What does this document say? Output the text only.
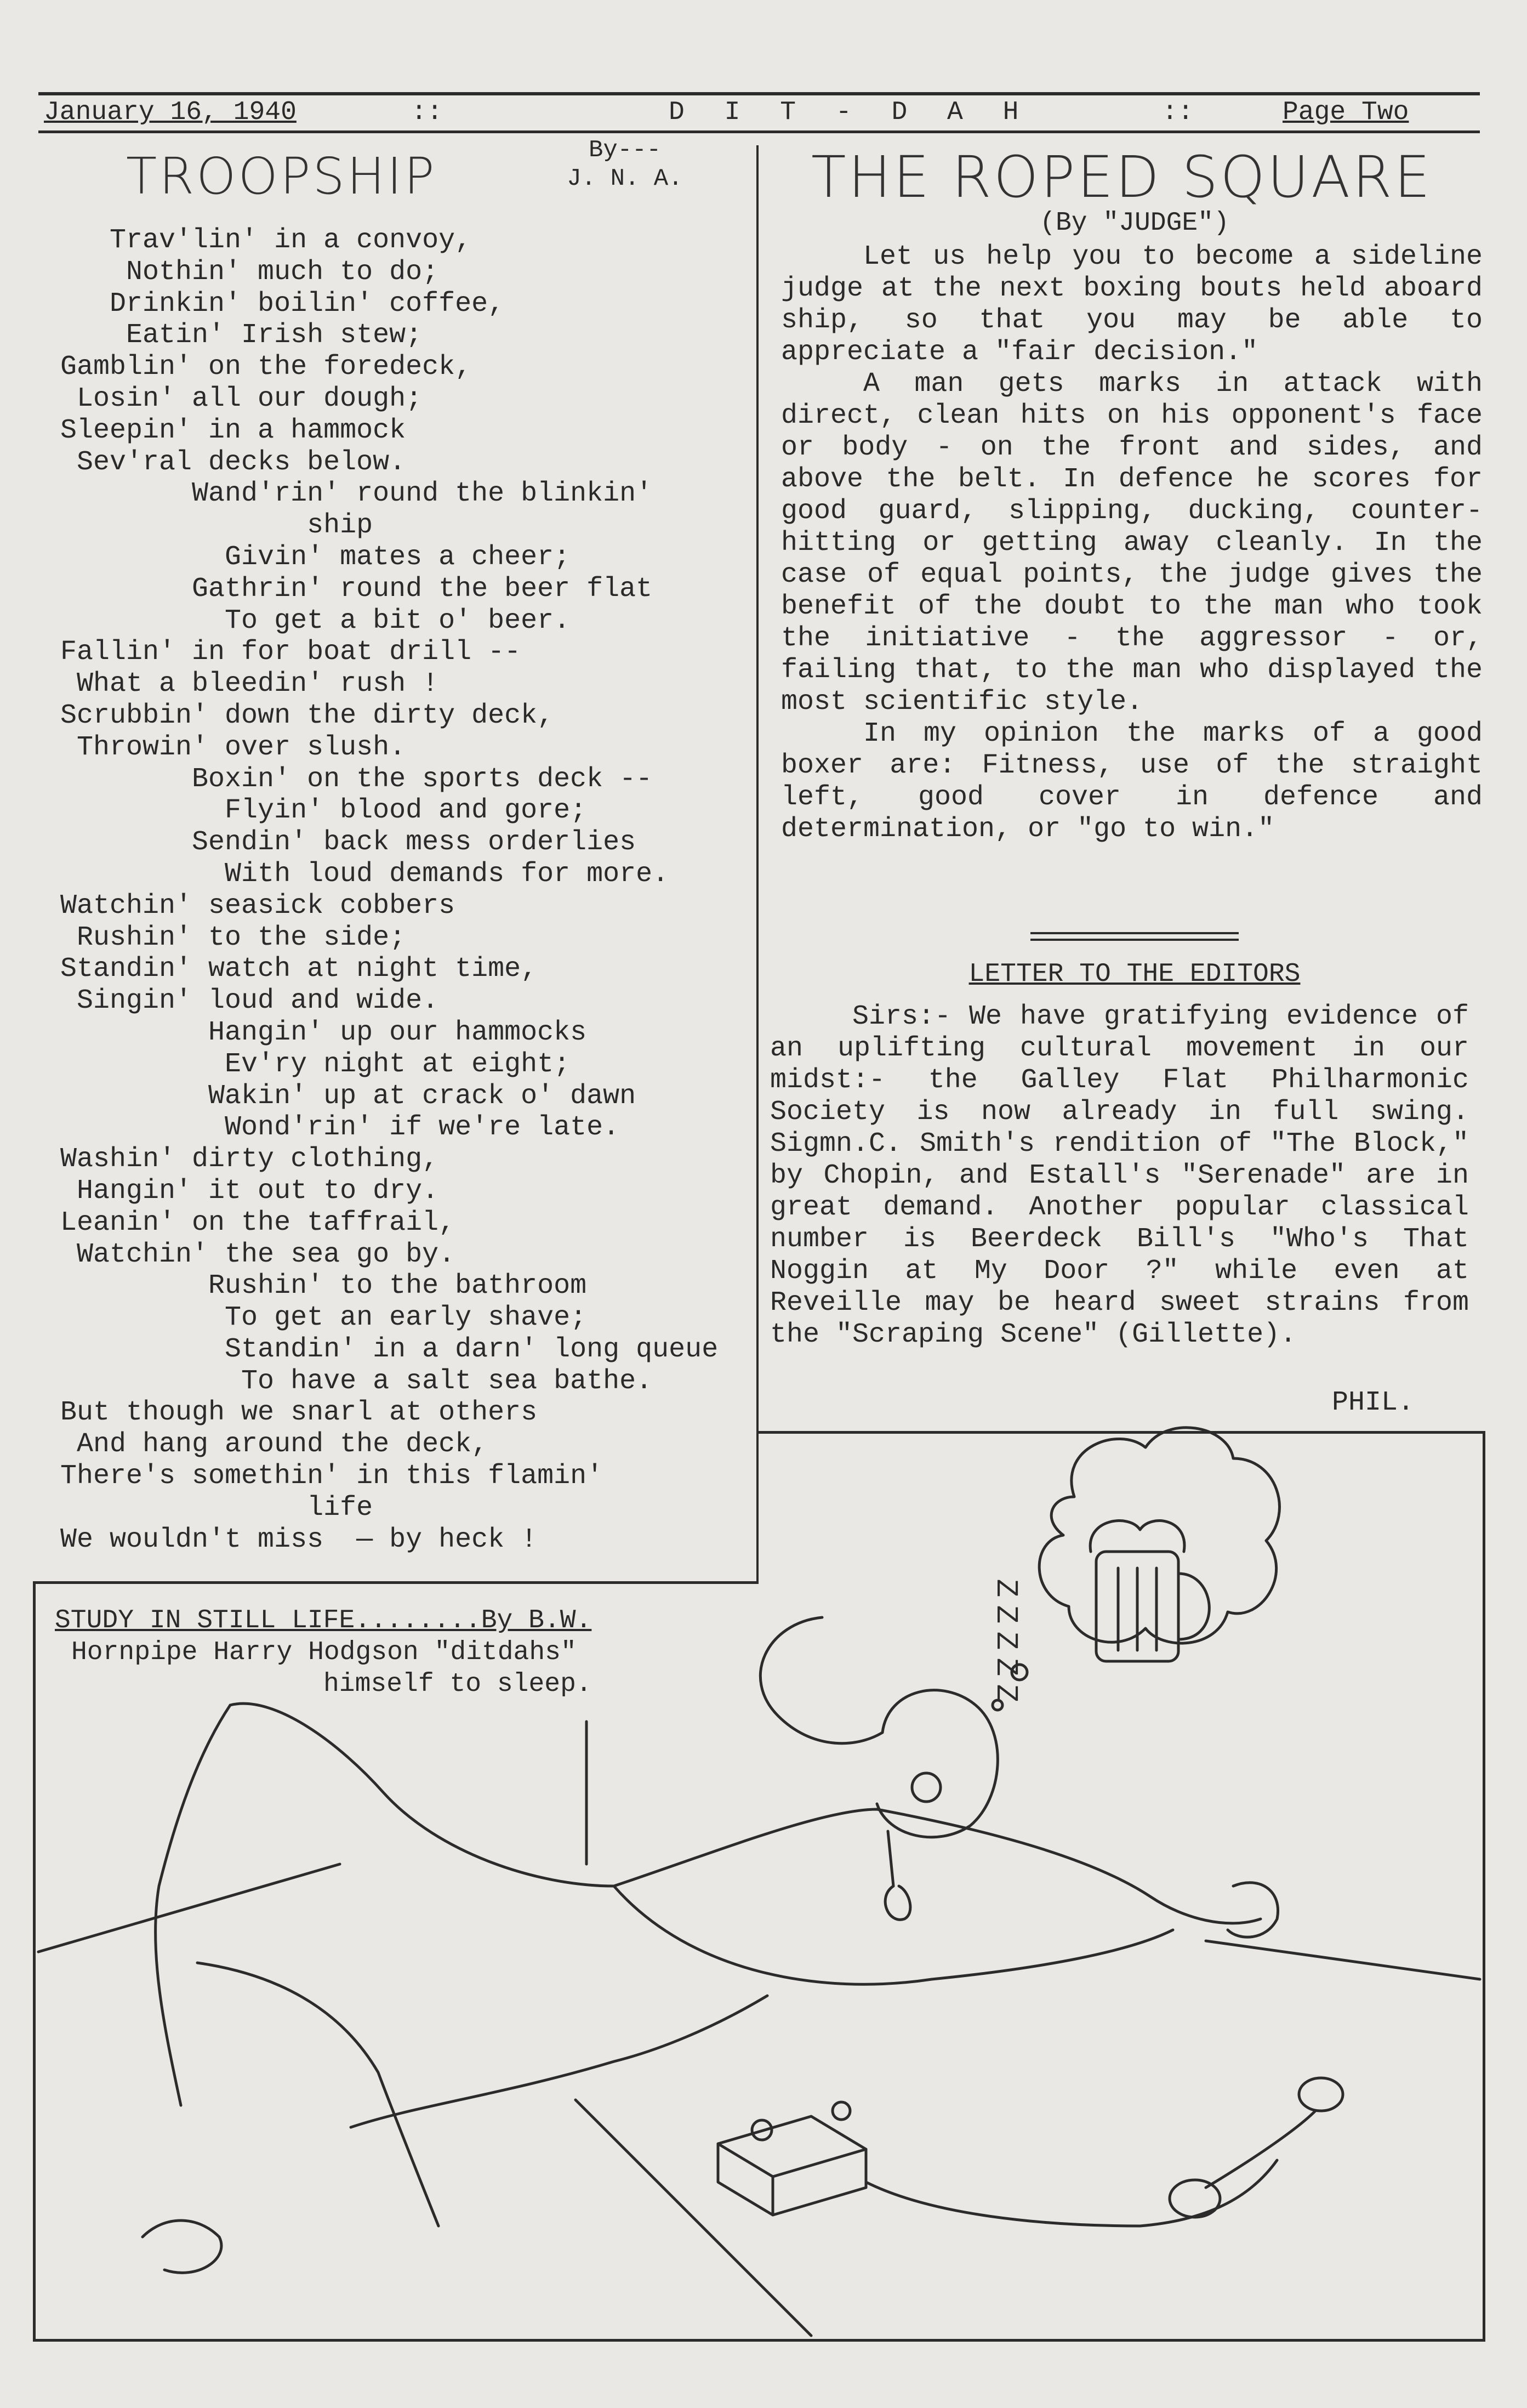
January 16, 1940	::	D I T - D A H	::	Page Two
TROOPSHIP	By---
J. N. A.
Trav'lin' in a convoy,
Nothin' much to do;
Drinkin' boilin' coffee,
Eatin' Irish stew;
Gamblin' on the foredeck,
Losin' all our dough;
Sleepin' in a hammock
Sev'ral decks below.
Wand'rin' round the blinkin'
ship
Givin' mates a cheer;
Gathrin' round the beer flat
To get a bit o' beer.
Fallin' in for boat drill --
What a bleedin' rush !
Scrubbin' down the dirty deck,
Throwin' over slush.
Boxin' on the sports deck --
Flyin' blood and gore;
Sendin' back mess orderlies
With loud demands for more.
Watchin' seasick cobbers
Rushin' to the side;
Standin' watch at night time,
Singin' loud and wide.
Hangin' up our hammocks
Ev'ry night at eight;
Wakin' up at crack o' dawn
Wond'rin' if we're late.
Washin' dirty clothing,
Hangin' it out to dry.
Leanin' on the taffrail,
Watchin' the sea go by.
Rushin' to the bathroom
To get an early shave;
Standin' in a darn' long queue
To have a salt sea bathe.
But though we snarl at others
And hang around the deck,
There's somethin' in this flamin'
life
We wouldn't miss  — by heck !
THE ROPED SQUARE
(By "JUDGE")

Let us help you to become a sideline judge at the next boxing bouts held aboard ship, so that you may be able to appreciate a "fair decision."

A man gets marks in attack with direct, clean hits on his opponent's face or body - on the front and sides, and above the belt. In defence he scores for good guard, slipping, ducking, counter-hitting or getting away cleanly. In the case of equal points, the judge gives the benefit of the doubt to the man who took the initiative - the aggressor - or, failing that, to the man who displayed the most scientific style.

In my opinion the marks of a good boxer are: Fitness, use of the straight left, good cover in defence and determination, or "go to win."

LETTER TO THE EDITORS

Sirs:- We have gratifying evidence of an uplifting cultural movement in our midst:- the Galley Flat Philharmonic Society is now already in full swing. Sigmn.C. Smith's rendition of "The Block," by Chopin, and Estall's "Serenade" are in great demand. Another popular classical number is Beerdeck Bill's "Who's That Noggin at My Door ?" while even at Reveille may be heard sweet strains from the "Scraping Scene" (Gillette).

PHIL.
STUDY IN STILL LIFE........By B.W.
Hornpipe Harry Hodgson "ditdahs"
himself to sleep.	Z Z Z Z Z
